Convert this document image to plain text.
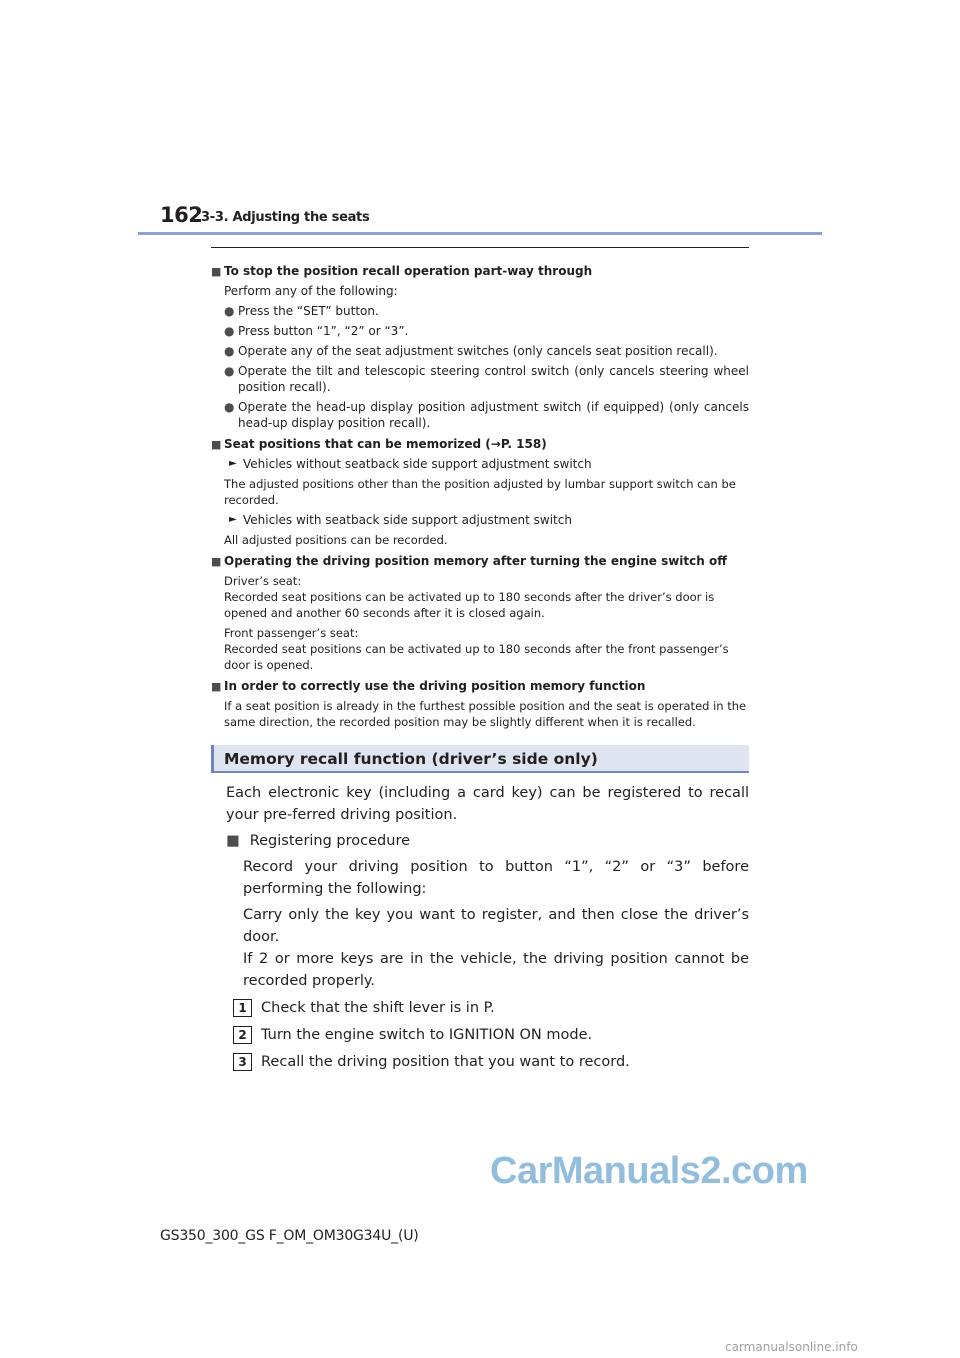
162
3-3. Adjusting the seats

■ To stop the position recall operation part-way through

Perform any of the following:

● Press the “SET” button.

● Press button “1”, “2” or “3”.

● Operate any of the seat adjustment switches (only cancels seat position recall).

● Operate the tilt and telescopic steering control switch (only cancels steering wheel position recall).

● Operate the head-up display position adjustment switch (if equipped) (only cancels head-up display position recall).

■ Seat positions that can be memorized (→P. 158)

► Vehicles without seatback side support adjustment switch

The adjusted positions other than the position adjusted by lumbar support switch can be recorded.

► Vehicles with seatback side support adjustment switch

All adjusted positions can be recorded.

■ Operating the driving position memory after turning the engine switch off

Driver’s seat:

Recorded seat positions can be activated up to 180 seconds after the driver’s door is opened and another 60 seconds after it is closed again.

Front passenger’s seat:

Recorded seat positions can be activated up to 180 seconds after the front passenger’s door is opened.

■ In order to correctly use the driving position memory function

If a seat position is already in the furthest possible position and the seat is operated in the same direction, the recorded position may be slightly different when it is recalled.

Memory recall function (driver’s side only)

Each electronic key (including a card key) can be registered to recall your pre-ferred driving position.

■ Registering procedure

Record your driving position to button “1”, “2” or “3” before performing the following:

Carry only the key you want to register, and then close the driver’s door.

If 2 or more keys are in the vehicle, the driving position cannot be recorded properly.

1 Check that the shift lever is in P.

2 Turn the engine switch to IGNITION ON mode.

3 Recall the driving position that you want to record.

CarManuals2.com
GS350_300_GS F_OM_OM30G34U_(U)
carmanualsonline.info
